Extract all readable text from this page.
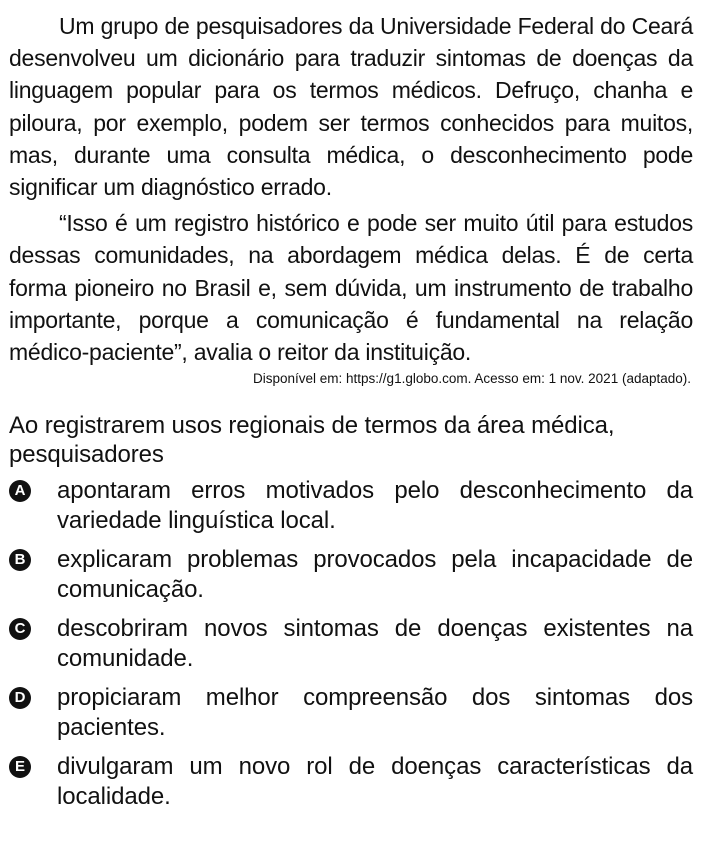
Um grupo de pesquisadores da Universidade Federal do Ceará desenvolveu um dicionário para traduzir sintomas de doenças da linguagem popular para os termos médicos. Defruço, chanha e piloura, por exemplo, podem ser termos conhecidos para muitos, mas, durante uma consulta médica, o desconhecimento pode significar um diagnóstico errado.

“Isso é um registro histórico e pode ser muito útil para estudos dessas comunidades, na abordagem médica delas. É de certa forma pioneiro no Brasil e, sem dúvida, um instrumento de trabalho importante, porque a comunicação é fundamental na relação médico-paciente”, avalia o reitor da instituição.

Disponível em: https://g1.globo.com. Acesso em: 1 nov. 2021 (adaptado).
Ao registrarem usos regionais de termos da área médica, pesquisadores
A apontaram erros motivados pelo desconhecimento da variedade linguística local.
B explicaram problemas provocados pela incapacidade de comunicação.
C descobriram novos sintomas de doenças existentes na comunidade.
D propiciaram melhor compreensão dos sintomas dos pacientes.
E divulgaram um novo rol de doenças características da localidade.
